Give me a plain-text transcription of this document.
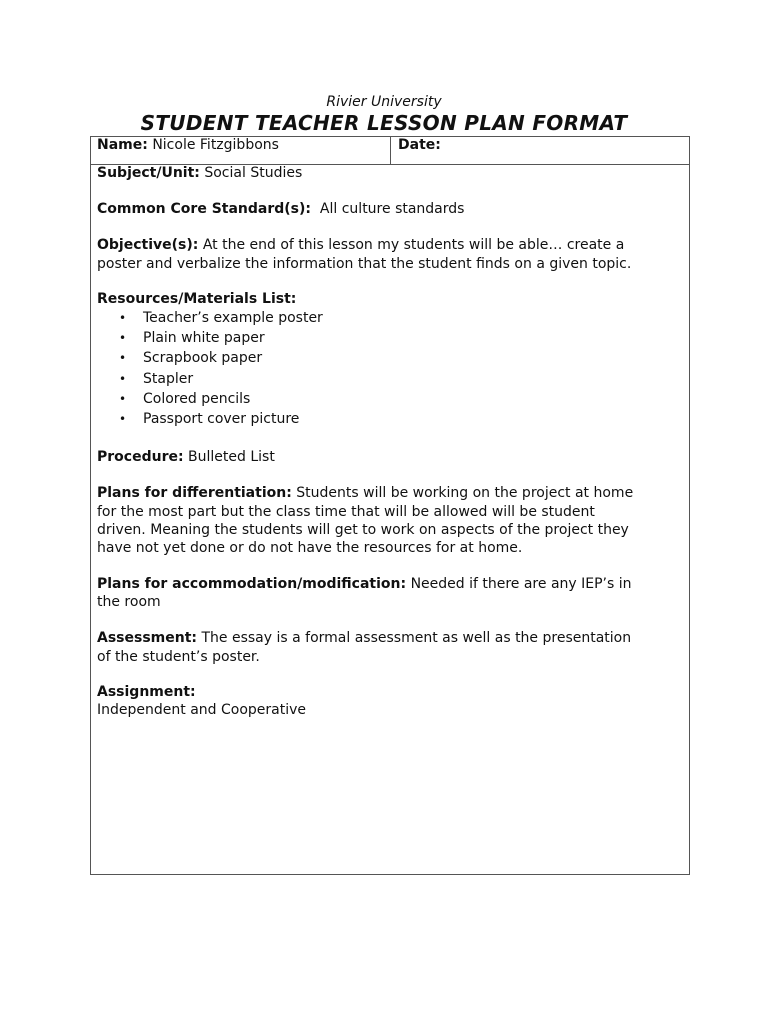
Rivier University
STUDENT TEACHER LESSON PLAN FORMAT
Name: Nicole Fitzgibbons	Date:
Subject/Unit: Social Studies
Common Core Standard(s): All culture standards
Objective(s): At the end of this lesson my students will be able… create a
poster and verbalize the information that the student finds on a given topic.
Resources/Materials List:
• Teacher’s example poster
• Plain white paper
• Scrapbook paper
• Stapler
• Colored pencils
• Passport cover picture
Procedure: Bulleted List
Plans for differentiation: Students will be working on the project at home
for the most part but the class time that will be allowed will be student
driven. Meaning the students will get to work on aspects of the project they
have not yet done or do not have the resources for at home.
Plans for accommodation/modification: Needed if there are any IEP’s in
the room
Assessment: The essay is a formal assessment as well as the presentation
of the student’s poster.
Assignment:
Independent and Cooperative
